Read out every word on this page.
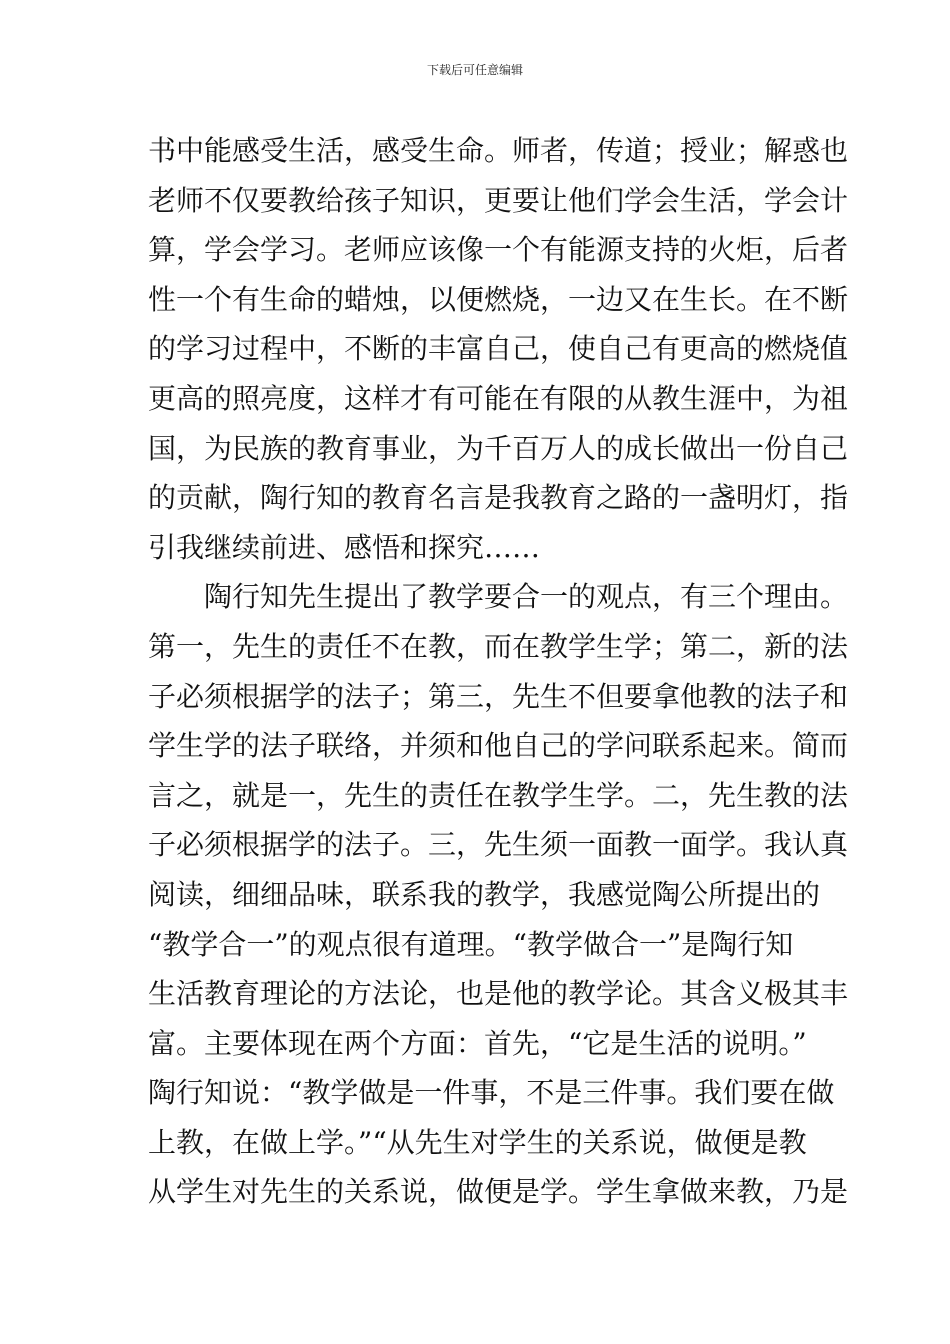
下载后可任意编辑
书中能感受生活，感受生命。师者，传道；授业；解惑也
老师不仅要教给孩子知识，更要让他们学会生活，学会计
算，学会学习。老师应该像一个有能源支持的火炬，后者
性一个有生命的蜡烛，以便燃烧，一边又在生长。在不断
的学习过程中，不断的丰富自己，使自己有更高的燃烧值
更高的照亮度，这样才有可能在有限的从教生涯中，为祖
国，为民族的教育事业，为千百万人的成长做出一份自己
的贡献，陶行知的教育名言是我教育之路的一盏明灯，指
引我继续前进、感悟和探究……
陶行知先生提出了教学要合一的观点，有三个理由。
第一，先生的责任不在教，而在教学生学；第二，新的法
子必须根据学的法子；第三，先生不但要拿他教的法子和
学生学的法子联络，并须和他自己的学问联系起来。简而
言之，就是一，先生的责任在教学生学。二，先生教的法
子必须根据学的法子。三，先生须一面教一面学。我认真
阅读，细细品味，联系我的教学，我感觉陶公所提出的
“教学合一”的观点很有道理。“教学做合一”是陶行知
生活教育理论的方法论，也是他的教学论。其含义极其丰
富。主要体现在两个方面：首先，“它是生活的说明。”
陶行知说：“教学做是一件事，不是三件事。我们要在做
上教，在做上学。”“从先生对学生的关系说，做便是教
从学生对先生的关系说，做便是学。学生拿做来教，乃是
